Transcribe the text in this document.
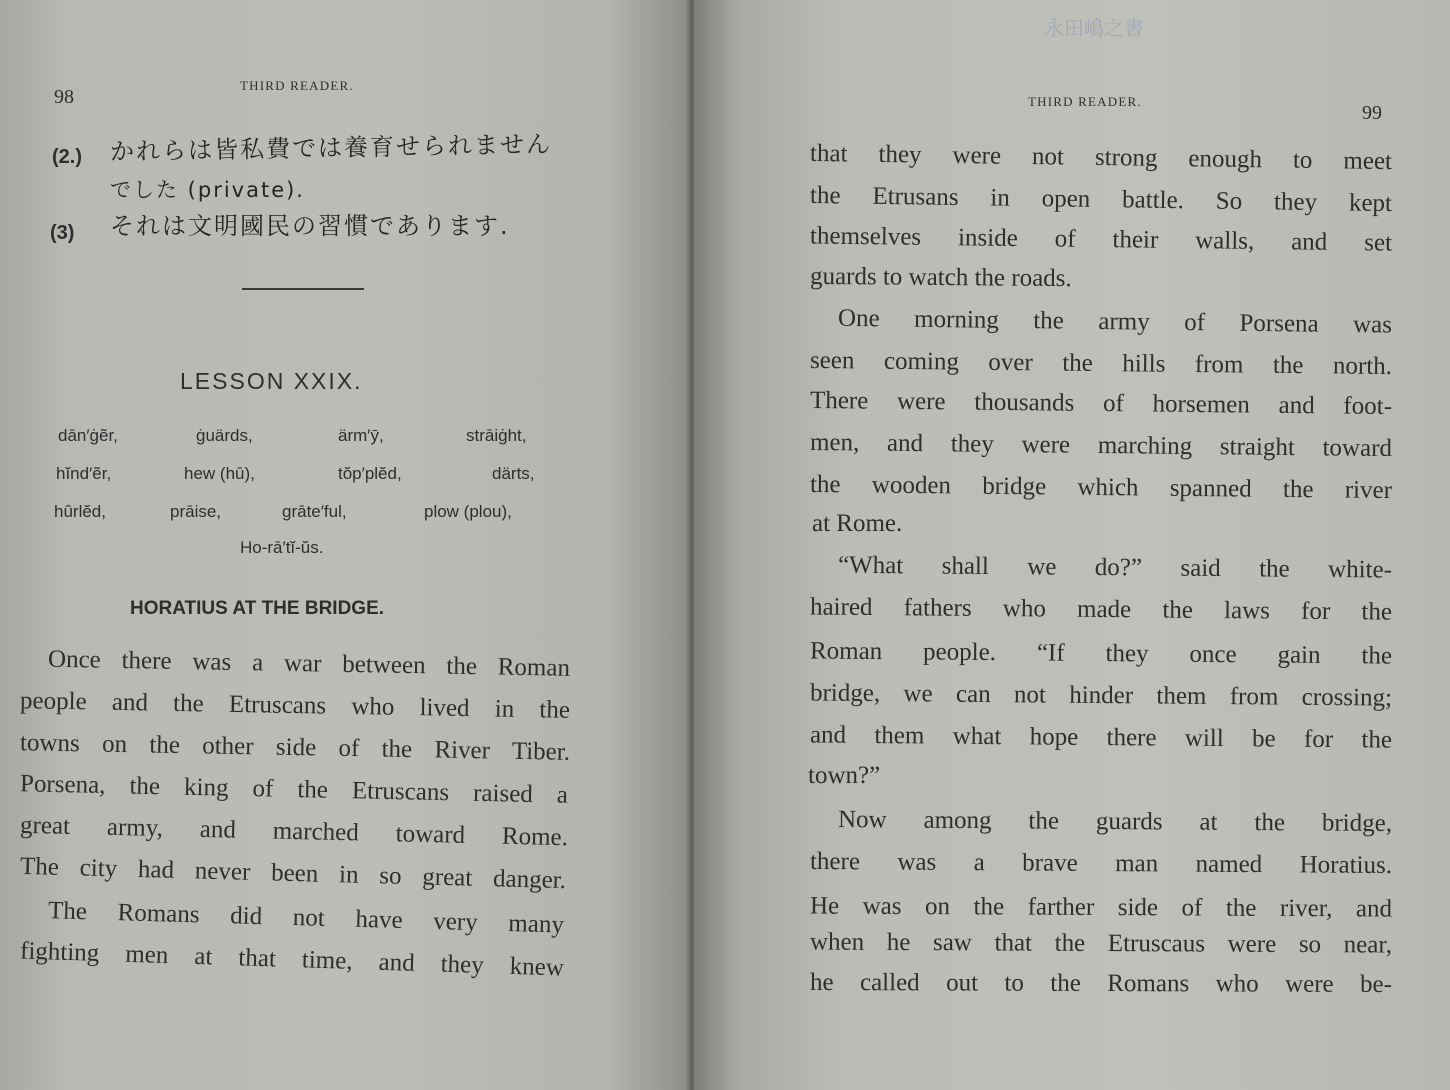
98
THIRD READER.
(2.) かれらは皆私費では養育せられません
でした (private).
(3) それは文明國民の習慣であります.
LESSON XXIX.
dān′ġẽr,	ġuärds,	ärm′ȳ,	strāiġht,
hĭnd′ẽr,	hew (hū),	tŏp′plĕd,	därts,
hûrlĕd,	prāise,	grāte′ful,	plow (plou),
Ho-rā′tĭ-ŭs.
HORATIUS AT THE BRIDGE.
Once there was a war between the Roman
people and the Etruscans who lived in the
towns on the other side of the River Tiber.
Porsena, the king of the Etruscans raised a
great army, and marched toward Rome.
The city had never been in so great danger.
The Romans did not have very many
fighting men at that time, and they knew
永田嶋之書
THIRD READER.
99
that they were not strong enough to meet
the Etrusans in open battle. So they kept
themselves inside of their walls, and set
guards to watch the roads.
One morning the army of Porsena was
seen coming over the hills from the north.
There were thousands of horsemen and foot-
men, and they were marching straight toward
the wooden bridge which spanned the river
at Rome.
“What shall we do?” said the white-
haired fathers who made the laws for the
Roman people. “If they once gain the
bridge, we can not hinder them from crossing;
and them what hope there will be for the
town?”
Now among the guards at the bridge,
there was a brave man named Horatius.
He was on the farther side of the river, and
when he saw that the Etruscaus were so near,
he called out to the Romans who were be-
